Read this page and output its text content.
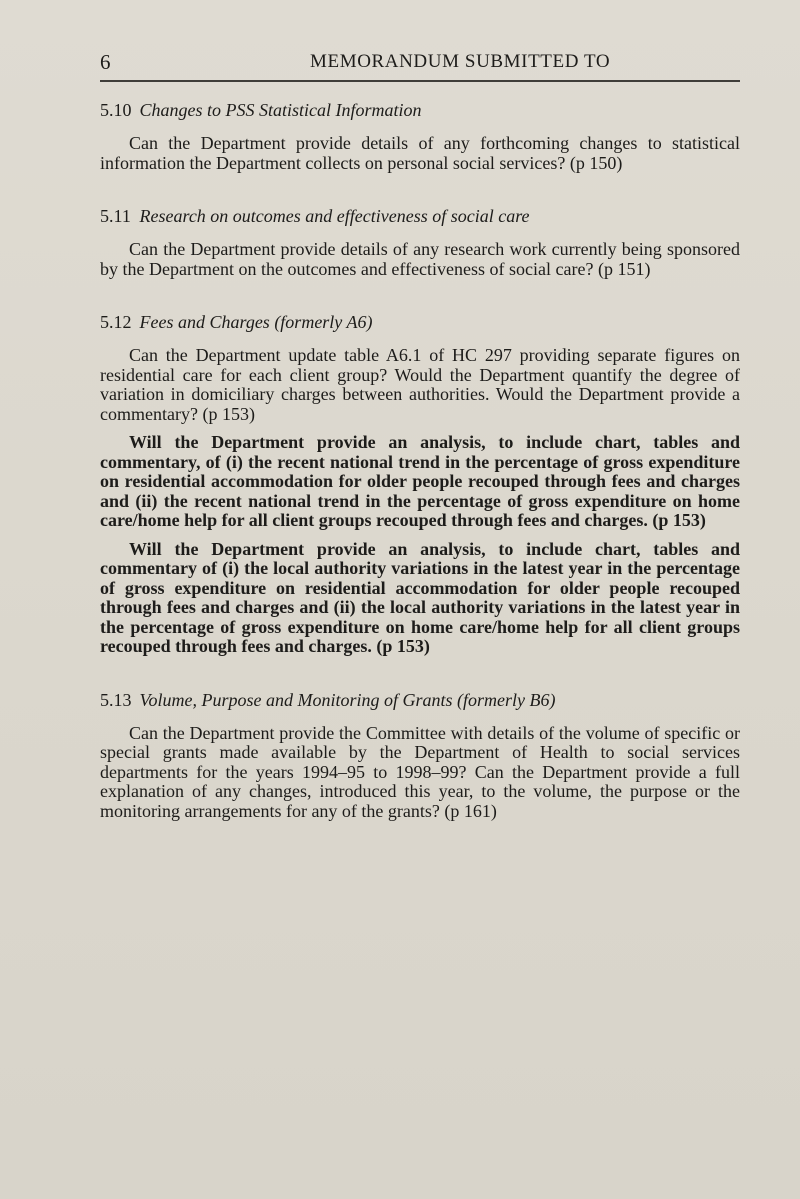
6	MEMORANDUM SUBMITTED TO
5.10 Changes to PSS Statistical Information

Can the Department provide details of any forthcoming changes to statistical information the Department collects on personal social services? (p 150)

5.11 Research on outcomes and effectiveness of social care

Can the Department provide details of any research work currently being sponsored by the Department on the outcomes and effectiveness of social care? (p 151)

5.12 Fees and Charges (formerly A6)

Can the Department update table A6.1 of HC 297 providing separate figures on residential care for each client group? Would the Department quantify the degree of variation in domiciliary charges between authorities. Would the Department provide a commentary? (p 153)

Will the Department provide an analysis, to include chart, tables and commentary, of (i) the recent national trend in the percentage of gross expenditure on residential accommodation for older people recouped through fees and charges and (ii) the recent national trend in the percentage of gross expenditure on home care/home help for all client groups recouped through fees and charges. (p 153)

Will the Department provide an analysis, to include chart, tables and commentary of (i) the local authority variations in the latest year in the percentage of gross expenditure on residential accommodation for older people recouped through fees and charges and (ii) the local authority variations in the latest year in the percentage of gross expenditure on home care/home help for all client groups recouped through fees and charges. (p 153)

5.13 Volume, Purpose and Monitoring of Grants (formerly B6)

Can the Department provide the Committee with details of the volume of specific or special grants made available by the Department of Health to social services departments for the years 1994–95 to 1998–99? Can the Department provide a full explanation of any changes, introduced this year, to the volume, the purpose or the monitoring arrangements for any of the grants? (p 161)
